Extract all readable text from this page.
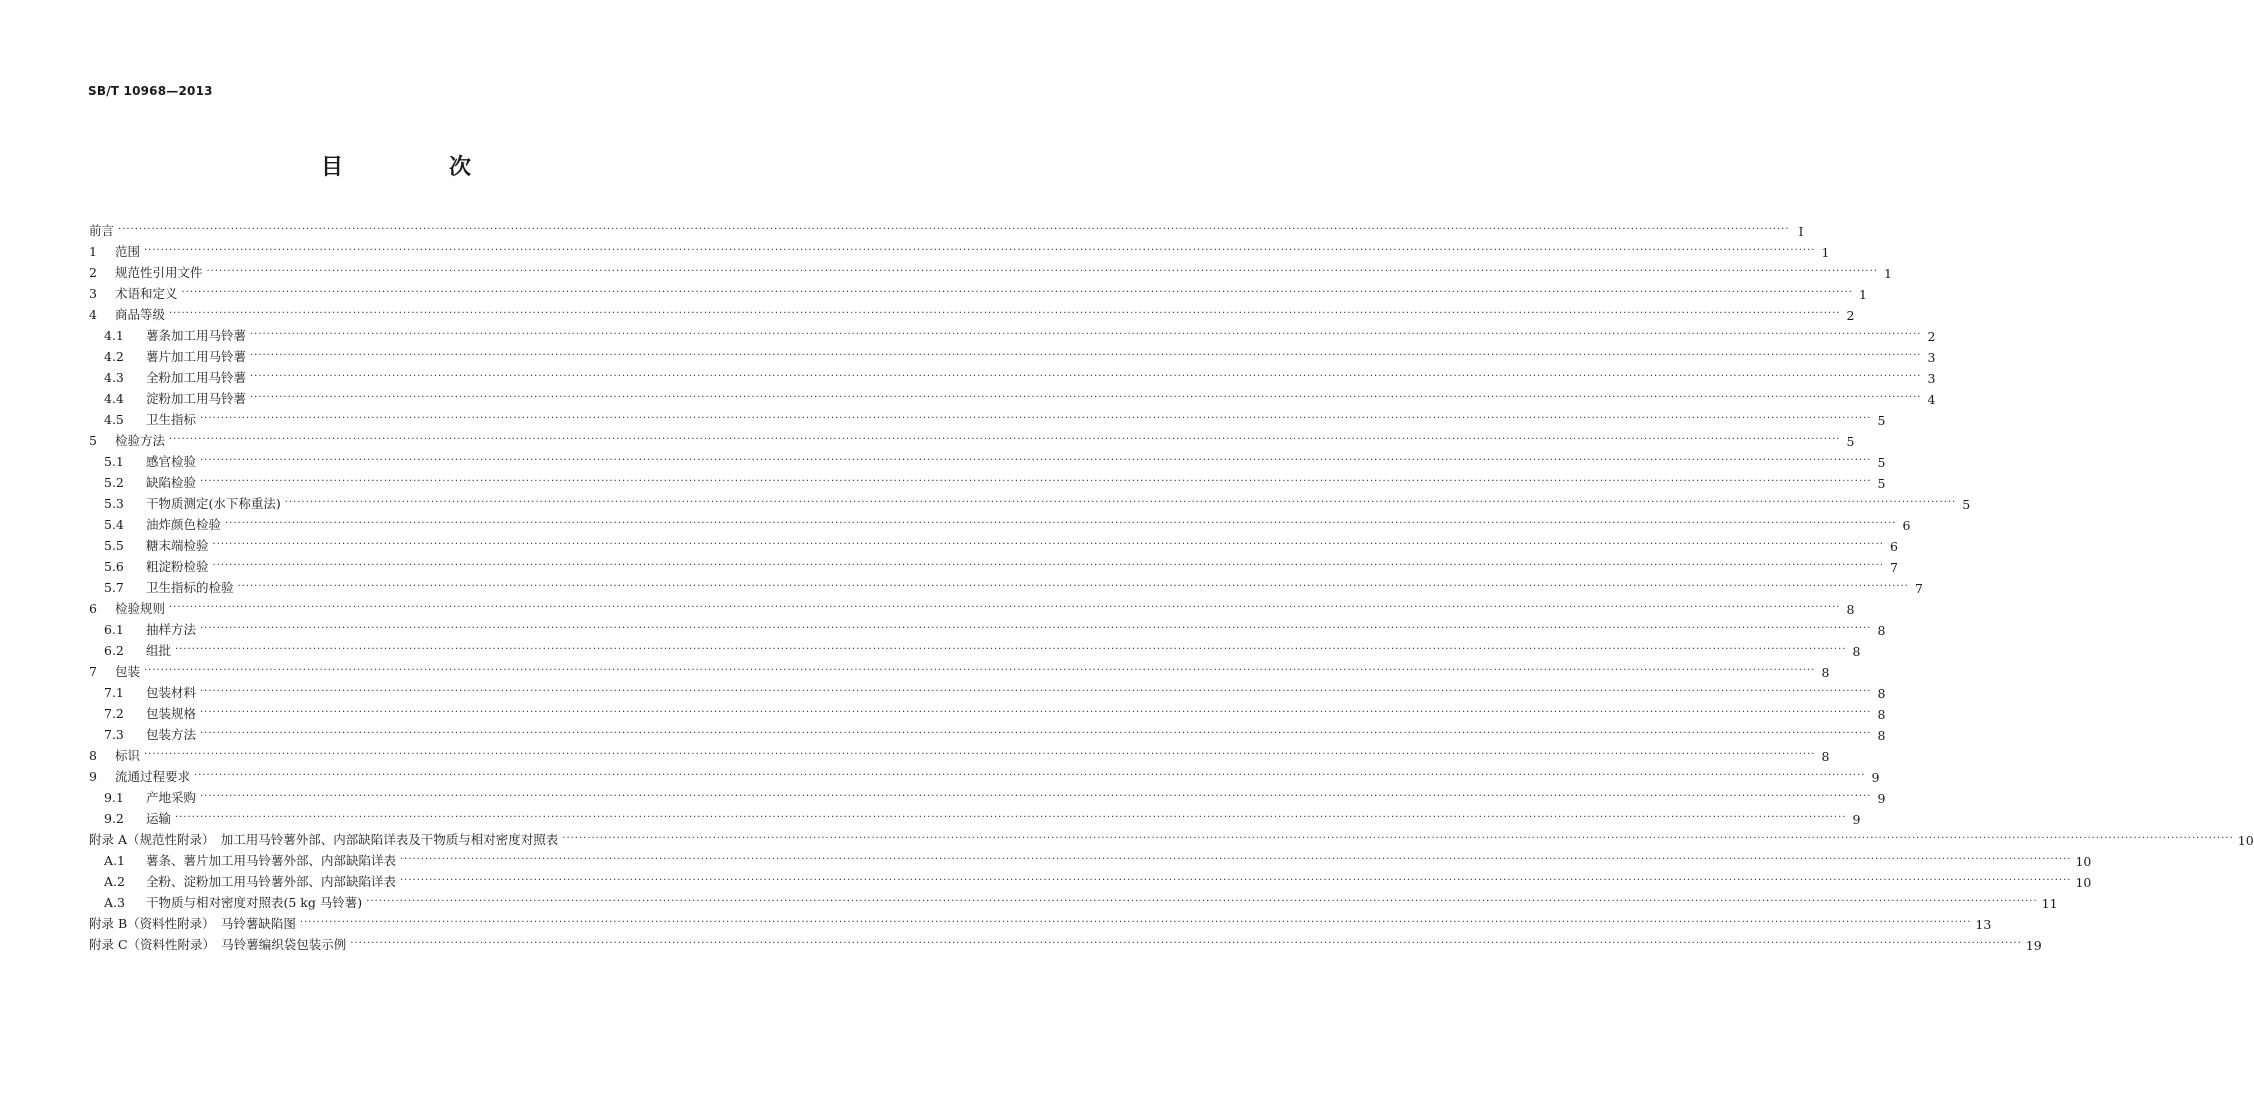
SB/T 10968—2013
目　次
前言 ················································································································································································································································································································································································································ Ⅰ
1 范围 ················································································································································································································································································································································································································ 1
2 规范性引用文件 ················································································································································································································································································································································································································ 1
3 术语和定义 ················································································································································································································································································································································································································ 1
4 商品等级 ················································································································································································································································································································································································································ 2
4.1 薯条加工用马铃薯 ················································································································································································································································································································································································································ 2
4.2 薯片加工用马铃薯 ················································································································································································································································································································································································································ 3
4.3 全粉加工用马铃薯 ················································································································································································································································································································································································································ 3
4.4 淀粉加工用马铃薯 ················································································································································································································································································································································································································ 4
4.5 卫生指标 ················································································································································································································································································································································································································ 5
5 检验方法 ················································································································································································································································································································································································································ 5
5.1 感官检验 ················································································································································································································································································································································································································ 5
5.2 缺陷检验 ················································································································································································································································································································································································································ 5
5.3 干物质测定(水下称重法) ················································································································································································································································································································································································································ 5
5.4 油炸颜色检验 ················································································································································································································································································································································································································ 6
5.5 糖末端检验 ················································································································································································································································································································································································································ 6
5.6 粗淀粉检验 ················································································································································································································································································································································································································ 7
5.7 卫生指标的检验 ················································································································································································································································································································································································································ 7
6 检验规则 ················································································································································································································································································································································································································ 8
6.1 抽样方法 ················································································································································································································································································································································································································ 8
6.2 组批 ················································································································································································································································································································································································································ 8
7 包装 ················································································································································································································································································································································································································ 8
7.1 包装材料 ················································································································································································································································································································································································································ 8
7.2 包装规格 ················································································································································································································································································································································································································ 8
7.3 包装方法 ················································································································································································································································································································································································································ 8
8 标识 ················································································································································································································································································································································································································ 8
9 流通过程要求 ················································································································································································································································································································································································································ 9
9.1 产地采购 ················································································································································································································································································································································································································ 9
9.2 运输 ················································································································································································································································································································································································································ 9
附录 A（规范性附录）　加工用马铃薯外部、内部缺陷详表及干物质与相对密度对照表 ················································································································································································································································································································································································································ 10
A.1 薯条、薯片加工用马铃薯外部、内部缺陷详表 ················································································································································································································································································································································································································ 10
A.2 全粉、淀粉加工用马铃薯外部、内部缺陷详表 ················································································································································································································································································································································································································ 10
A.3 干物质与相对密度对照表(5 kg 马铃薯) ················································································································································································································································································································································································································ 11
附录 B（资料性附录）　马铃薯缺陷图 ················································································································································································································································································································································································································ 13
附录 C（资料性附录）　马铃薯编织袋包装示例 ················································································································································································································································································································································································································ 19
